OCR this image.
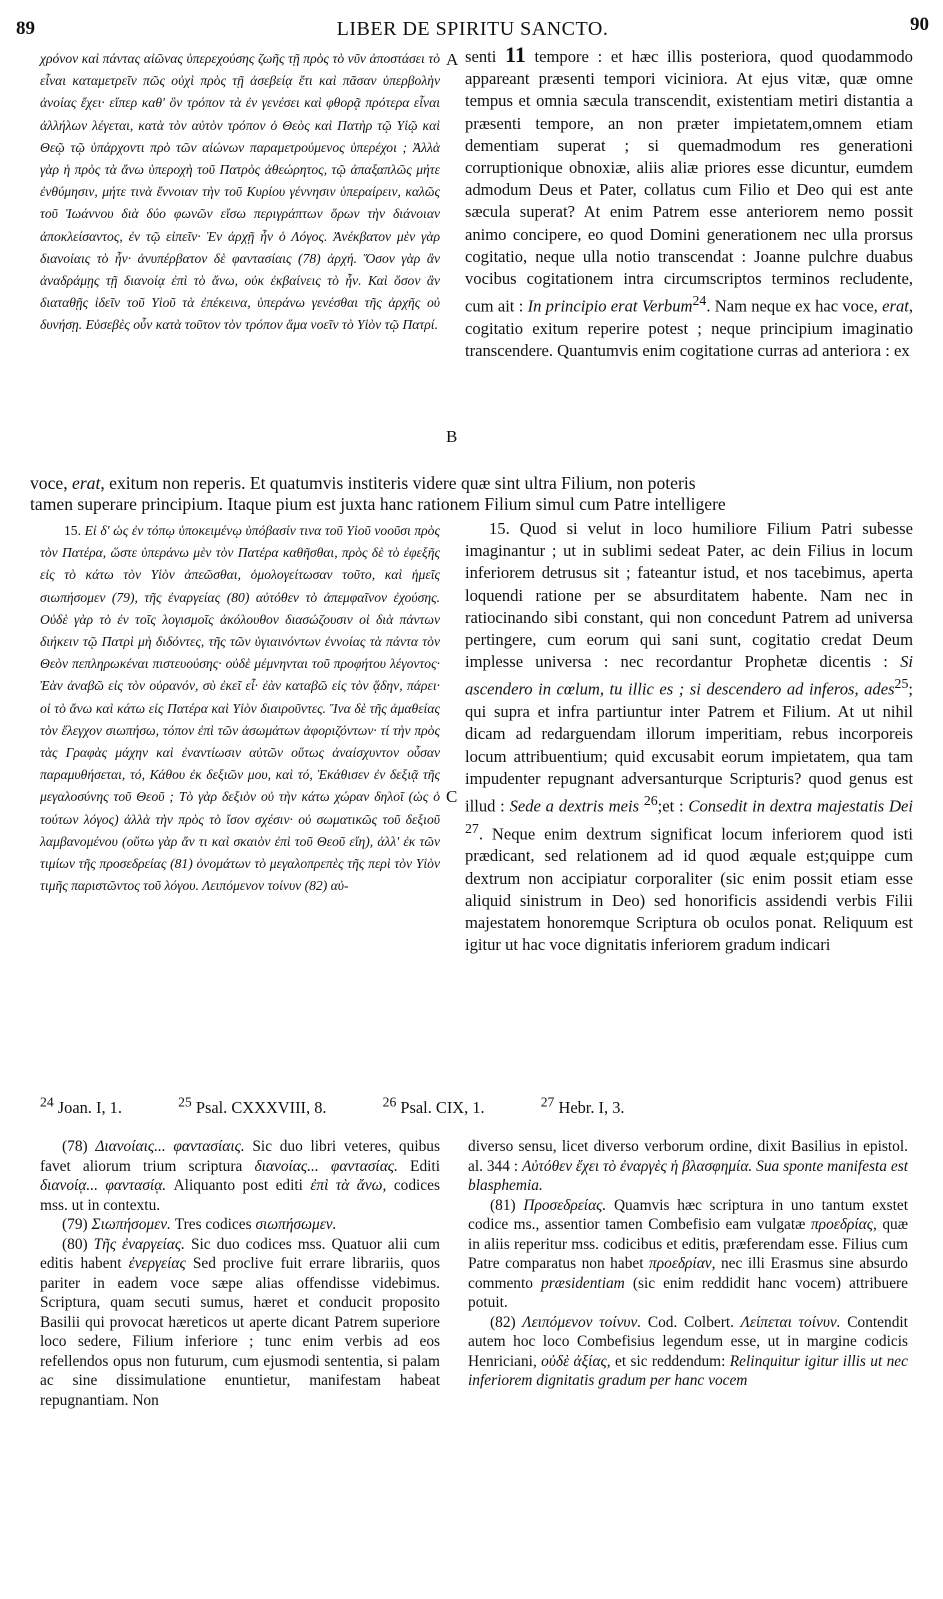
89	LIBER DE SPIRITU SANCTO.	90
A
B
C

χρόνον καὶ πάντας αἰῶνας ὑπερεχούσης ζωῆς τῇ πρὸς τὸ νῦν ἀποστάσει τὸ εἶναι καταμετρεῖν πῶς οὐχὶ πρὸς τῇ ἀσεβείᾳ ἔτι καὶ πᾶσαν ὑπερβολὴν ἀνοίας ἔχει· εἴπερ καθ' ὃν τρόπον τὰ ἐν γενέσει καὶ φθορᾷ πρότερα εἶναι ἀλλήλων λέγεται, κατὰ τὸν αὐτὸν τρόπον ὁ Θεὸς καὶ Πατὴρ τῷ Υἱῷ καὶ Θεῷ τῷ ὑπάρχοντι πρὸ τῶν αἰώνων παραμετρούμενος ὑπερέχοι ; Ἀλλὰ γὰρ ἡ πρὸς τὰ ἄνω ὑπεροχὴ τοῦ Πατρὸς ἀθεώρητος, τῷ ἀπαξαπλῶς μήτε ἐνθύμησιν, μήτε τινὰ ἔννοιαν τὴν τοῦ Κυρίου γέννησιν ὑπεραίρειν, καλῶς τοῦ Ἰωάννου διὰ δύο φωνῶν εἴσω περιγράπτων ὅρων τὴν διάνοιαν ἀποκλείσαντος, ἐν τῷ εἰπεῖν· Ἐν ἀρχῇ ἦν ὁ Λόγος. Ἀνέκβατον μὲν γὰρ διανοίαις τὸ ἦν· ἀνυπέρβατον δὲ φαντασίαις (78) ἀρχή. Ὅσον γὰρ ἂν ἀναδράμῃς τῇ διανοίᾳ ἐπὶ τὸ ἄνω, οὐκ ἐκβαίνεις τὸ ἦν. Καὶ ὅσον ἂν διαταθῇς ἰδεῖν τοῦ Υἱοῦ τὰ ἐπέκεινα, ὑπεράνω γενέσθαι τῆς ἀρχῆς οὐ δυνήσῃ. Εὐσεβὲς οὖν κατὰ τοῦτον τὸν τρόπον ἅμα νοεῖν τὸ Υἱὸν τῷ Πατρί.

senti 11 tempore : et hæc illis posteriora, quod quodammodo appareant præsenti tempori viciniora. At ejus vitæ, quæ omne tempus et omnia sæcula transcendit, existentiam metiri distantia a præsenti tempore, an non præter impietatem,omnem etiam dementiam superat ; si quemadmodum res generationi corruptionique obnoxiæ, aliis aliæ priores esse dicuntur, eumdem admodum Deus et Pater, collatus cum Filio et Deo qui est ante sæcula superat? At enim Patrem esse anteriorem nemo possit animo concipere, eo quod Domini generationem nec ulla prorsus cogitatio, neque ulla notio transcendat : Joanne pulchre duabus vocibus cogitationem intra circumscriptos terminos recludente, cum ait : In principio erat Verbum$^{24}$. Nam neque ex hac voce, erat, cogitatio exitum reperire potest ; neque principium imaginatio transcendere. Quantumvis enim cogitatione curras ad anteriora : ex

voce, erat, exitum non reperis. Et quatumvis institeris videre quæ sint ultra Filium, non poteris

tamen superare principium. Itaque pium est juxta hanc rationem Filium simul cum Patre intelligere

15. Εἰ δ' ὡς ἐν τόπῳ ὑποκειμένῳ ὑπόβασίν τινα τοῦ Υἱοῦ νοοῦσι πρὸς τὸν Πατέρα, ὥστε ὑπεράνω μὲν τὸν Πατέρα καθῆσθαι, πρὸς δὲ τὸ ἐφεξῆς εἰς τὸ κάτω τὸν Υἱὸν ἀπεῶσθαι, ὁμολογείτωσαν τοῦτο, καὶ ἡμεῖς σιωπήσομεν (79), τῆς ἐναργείας (80) αὐτόθεν τὸ ἀπεμφαῖνον ἐχούσης. Οὐδὲ γὰρ τὸ ἐν τοῖς λογισμοῖς ἀκόλουθον διασώζουσιν οἱ διὰ πάντων διήκειν τῷ Πατρὶ μὴ διδόντες, τῆς τῶν ὑγιαινόντων ἐννοίας τὰ πάντα τὸν Θεὸν πεπληρωκέναι πιστευούσης· οὐδὲ μέμνηνται τοῦ προφήτου λέγοντος· Ἐὰν ἀναβῶ εἰς τὸν οὐρανόν, σὺ ἐκεῖ εἶ· ἐὰν καταβῶ εἰς τὸν ᾅδην, πάρει· οἱ τὸ ἄνω καὶ κάτω εἰς Πατέρα καὶ Υἱὸν διαιροῦντες. Ἵνα δὲ τῆς ἀμαθείας τὸν ἔλεγχον σιωπήσω, τόπον ἐπὶ τῶν ἀσωμάτων ἀφοριζόντων· τί τὴν πρὸς τὰς Γραφὰς μάχην καὶ ἐναντίωσιν αὐτῶν οὕτως ἀναίσχυντον οὖσαν παραμυθήσεται, τό, Κάθου ἐκ δεξιῶν μου, καὶ τό, Ἐκάθισεν ἐν δεξιᾷ τῆς μεγαλοσύνης τοῦ Θεοῦ ; Τὸ γὰρ δεξιὸν οὐ τὴν κάτω χώραν δηλοῖ (ὡς ὁ τούτων λόγος) ἀλλὰ τὴν πρὸς τὸ ἴσον σχέσιν· οὐ σωματικῶς τοῦ δεξιοῦ λαμβανομένου (οὕτω γὰρ ἄν τι καὶ σκαιὸν ἐπὶ τοῦ Θεοῦ εἴη), ἀλλ' ἐκ τῶν τιμίων τῆς προσεδρείας (81) ὀνομάτων τὸ μεγαλοπρεπὲς τῆς περὶ τὸν Υἱὸν τιμῆς παριστῶντος τοῦ λόγου. Λειπόμενον τοίνυν (82) αὐ-

15. Quod si velut in loco humiliore Filium Patri subesse imaginantur ; ut in sublimi sedeat Pater, ac dein Filius in locum inferiorem detrusus sit ; fateantur istud, et nos tacebimus, aperta loquendi ratione per se absurditatem habente. Nam nec in ratiocinando sibi constant, qui non concedunt Patrem ad universa pertingere, cum eorum qui sani sunt, cogitatio credat Deum implesse universa : nec recordantur Prophetæ dicentis : Si ascendero in cœlum, tu illic es ; si descendero ad inferos, ades$^{25}$; qui supra et infra partiuntur inter Patrem et Filium. At ut nihil dicam ad redarguendam illorum imperitiam, rebus incorporeis locum attribuentium; quid excusabit eorum impietatem, qua tam impudenter repugnant adversanturque Scripturis? quod genus est illud : Sede a dextris meis $^{26}$;et : Consedit in dextra majestatis Dei $^{27}$. Neque enim dextrum significat locum inferiorem quod isti prædicant, sed relationem ad id quod æquale est;quippe cum dextrum non accipiatur corporaliter (sic enim possit etiam esse aliquid sinistrum in Deo) sed honorificis assidendi verbis Filii majestatem honoremque Scriptura ob oculos ponat. Reliquum est igitur ut hac voce dignitatis inferiorem gradum indicari

$^{24}$ Joan. I, 1.	$^{25}$ Psal. CXXXVIII, 8.	$^{26}$ Psal. CIX, 1.	$^{27}$ Hebr. I, 3.

(78) Διανοίαις... φαντασίαις. Sic duo libri veteres, quibus favet aliorum trium scriptura διανοίας... φαντασίας. Editi διανοίᾳ... φαντασίᾳ. Aliquanto post editi ἐπὶ τὰ ἄνω, codices mss. ut in contextu.

(79) Σιωπήσομεν. Tres codices σιωπήσωμεν.

(80) Τῆς ἐναργείας. Sic duo codices mss. Quatuor alii cum editis habent ἐνεργείας Sed proclive fuit errare librariis, quos pariter in eadem voce sæpe alias offendisse videbimus. Scriptura, quam secuti sumus, hæret et conducit proposito Basilii qui provocat hæreticos ut aperte dicant Patrem superiore loco sedere, Filium inferiore ; tunc enim verbis ad eos refellendos opus non futurum, cum ejusmodi sententia, si palam ac sine dissimulatione enuntietur, manifestam habeat repugnantiam. Non

diverso sensu, licet diverso verborum ordine, dixit Basilius in epistol. al. 344 : Αὐτόθεν ἔχει τὸ ἐναργὲς ἡ βλασφημία. Sua sponte manifesta est blasphemia.

(81) Προσεδρείας. Quamvis hæc scriptura in uno tantum exstet codice ms., assentior tamen Combefisio eam vulgatæ προεδρίας, quæ in aliis reperitur mss. codicibus et editis, præferendam esse. Filius cum Patre comparatus non habet προεδρίαν, nec illi Erasmus sine absurdo commento præsidentiam (sic enim reddidit hanc vocem) attribuere potuit.

(82) Λειπόμενον τοίνυν. Cod. Colbert. Λείπεται τοίνυν. Contendit autem hoc loco Combefisius legendum esse, ut in margine codicis Henriciani, οὐδὲ ἀξίας, et sic reddendum: Relinquitur igitur illis ut nec inferiorem dignitatis gradum per hanc vocem
